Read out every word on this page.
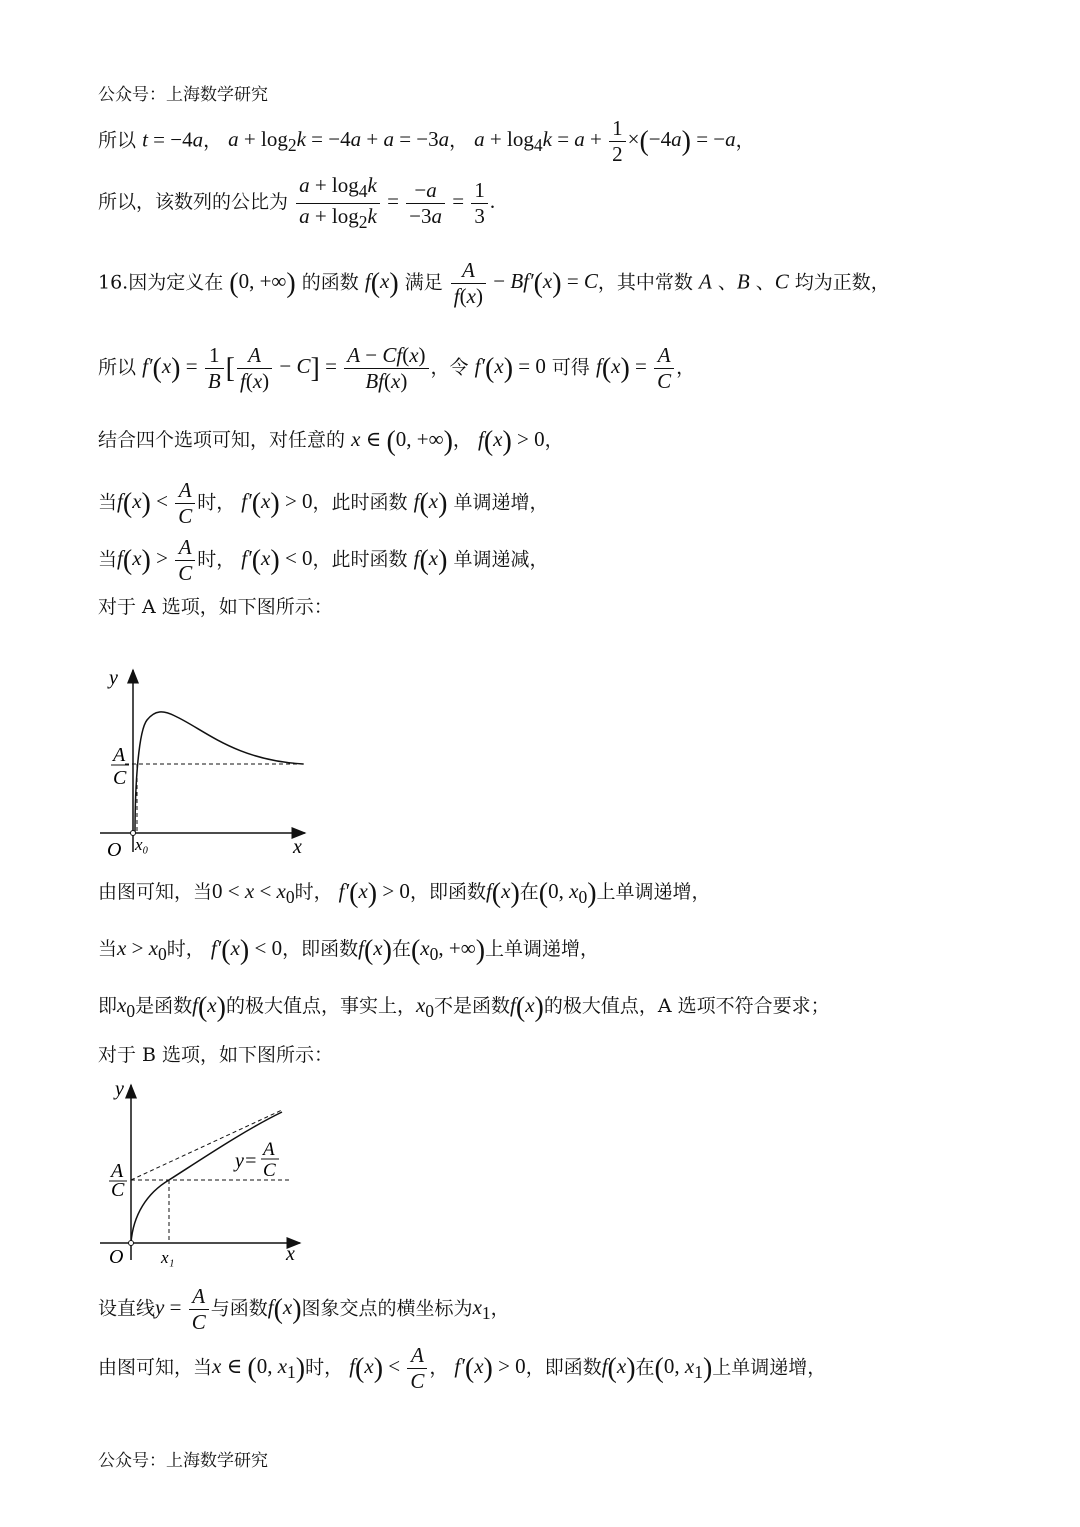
公众号：上海数学研究
所以 t = −4a， $a + \log_2k = -4a + a = -3a$， $a + \log_4k = a + \frac{1}{2} \times(-4a) = -a$，
所以，该数列的公比为 $\frac{a + \log_4k}{a + \log_2k} = \frac{-a}{-3a} = \frac{1}{3}$ .
16.因为定义在 (0, +∞) 的函数 f(x) 满足 $\frac{A}{f(x)} - Bf'(x) = C$，其中常数 A 、B 、C 均为正数，
所以 $f'(x) = \frac{1}{B}$ [ $\frac{A}{f(x)} - C] = \frac{A - Cf(x)}{Bf(x)}$ ，令 f′(x) = 0 可得 $f(x) = \frac{A}{C}$ ，
结合四个选项可知，对任意的 x ∈ (0, +∞)， f(x) > 0，
当$f(x) < \frac{A}{C}$ 时， f′(x) > 0，此时函数 f(x) 单调递增，
当$f(x) > \frac{A}{C}$ 时， f′(x) < 0，此时函数 f(x) 单调递减，
对于 A 选项，如下图所示：
y
x
O x₀
A
C
由图可知，当$0 < x < x_0$时， f′(x) > 0，即函数f(x)在(0, $x_0$)上单调递增，
当$x > x_0$时， f′(x) < 0，即函数f(x)在($x_0$, +∞)上单调递增，
即$x_0$是函数f(x)的极大值点，事实上，$x_0$不是函数f(x)的极大值点，A 选项不符合要求；
对于 B 选项，如下图所示：
y
x
O x₁
A
C
y=
A
C
设直线$y = \frac{A}{C}$ 与函数f(x)图象交点的横坐标为$x_1$，
由图可知，当x ∈ (0, $x_1$)时， $f(x) < \frac{A}{C}$ ， f′(x) > 0，即函数f(x)在(0, $x_1$)上单调递增，
公众号：上海数学研究
